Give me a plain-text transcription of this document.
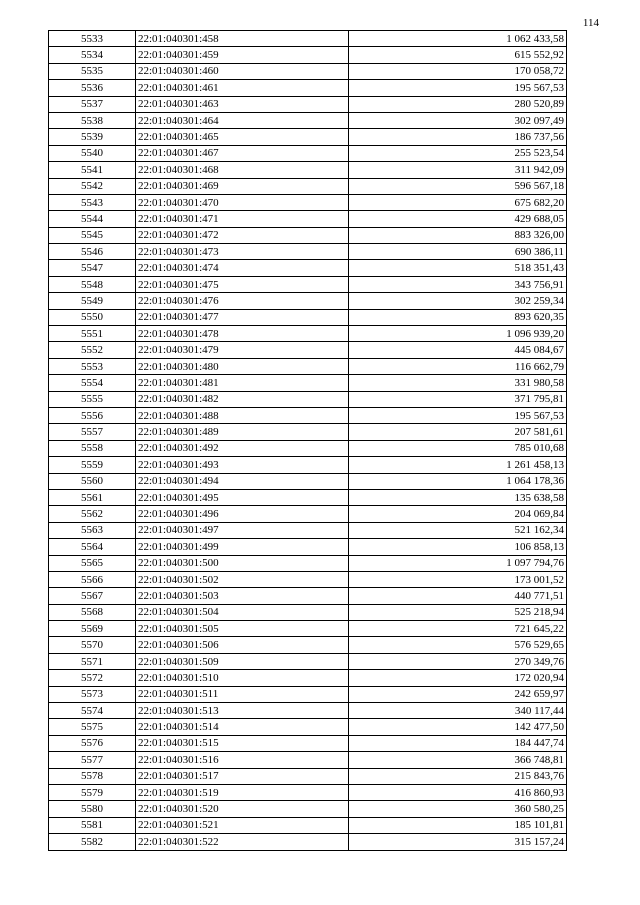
114
5533	22:01:040301:458	1 062 433,58
5534	22:01:040301:459	615 552,92
5535	22:01:040301:460	170 058,72
5536	22:01:040301:461	195 567,53
5537	22:01:040301:463	280 520,89
5538	22:01:040301:464	302 097,49
5539	22:01:040301:465	186 737,56
5540	22:01:040301:467	255 523,54
5541	22:01:040301:468	311 942,09
5542	22:01:040301:469	596 567,18
5543	22:01:040301:470	675 682,20
5544	22:01:040301:471	429 688,05
5545	22:01:040301:472	883 326,00
5546	22:01:040301:473	690 386,11
5547	22:01:040301:474	518 351,43
5548	22:01:040301:475	343 756,91
5549	22:01:040301:476	302 259,34
5550	22:01:040301:477	893 620,35
5551	22:01:040301:478	1 096 939,20
5552	22:01:040301:479	445 084,67
5553	22:01:040301:480	116 662,79
5554	22:01:040301:481	331 980,58
5555	22:01:040301:482	371 795,81
5556	22:01:040301:488	195 567,53
5557	22:01:040301:489	207 581,61
5558	22:01:040301:492	785 010,68
5559	22:01:040301:493	1 261 458,13
5560	22:01:040301:494	1 064 178,36
5561	22:01:040301:495	135 638,58
5562	22:01:040301:496	204 069,84
5563	22:01:040301:497	521 162,34
5564	22:01:040301:499	106 858,13
5565	22:01:040301:500	1 097 794,76
5566	22:01:040301:502	173 001,52
5567	22:01:040301:503	440 771,51
5568	22:01:040301:504	525 218,94
5569	22:01:040301:505	721 645,22
5570	22:01:040301:506	576 529,65
5571	22:01:040301:509	270 349,76
5572	22:01:040301:510	172 020,94
5573	22:01:040301:511	242 659,97
5574	22:01:040301:513	340 117,44
5575	22:01:040301:514	142 477,50
5576	22:01:040301:515	184 447,74
5577	22:01:040301:516	366 748,81
5578	22:01:040301:517	215 843,76
5579	22:01:040301:519	416 860,93
5580	22:01:040301:520	360 580,25
5581	22:01:040301:521	185 101,81
5582	22:01:040301:522	315 157,24
